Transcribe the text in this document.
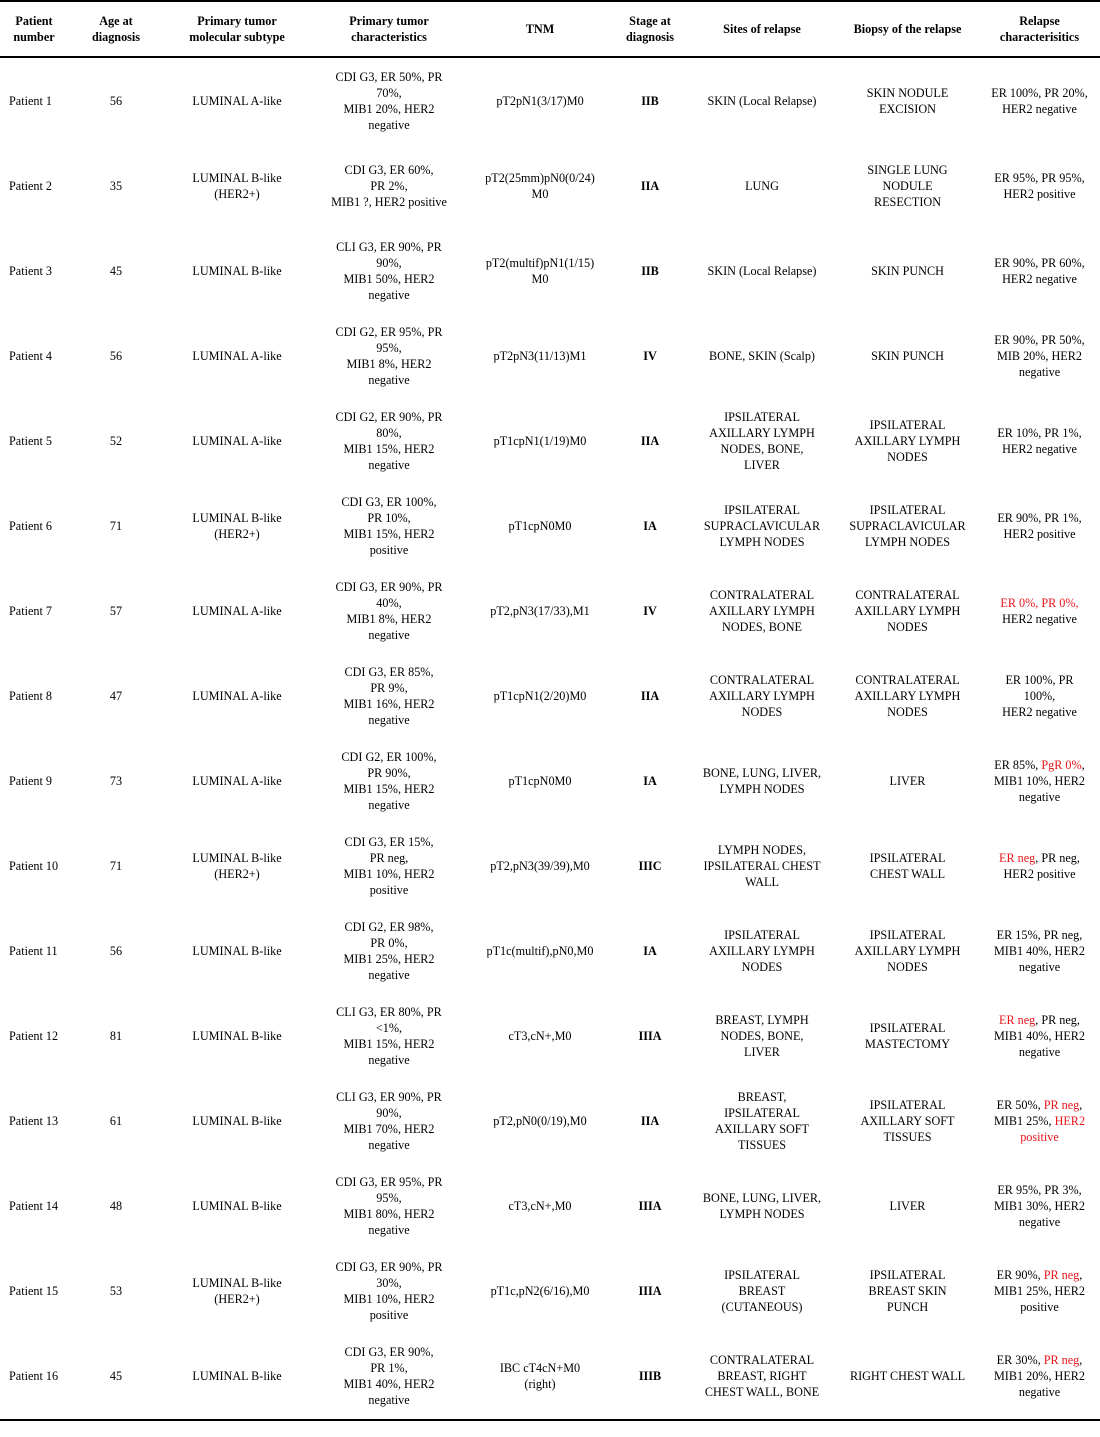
Patient
number	Age at
diagnosis	Primary tumor
molecular subtype	Primary tumor
characteristics	TNM	Stage at
diagnosis	Sites of relapse	Biopsy of the relapse	Relapse
characterisitics
Patient 1	56	LUMINAL A-like	CDI G3, ER 50%, PR
70%,
MIB1 20%, HER2
negative	pT2pN1(3/17)M0	IIB	SKIN (Local Relapse)	SKIN NODULE
EXCISION	ER 100%, PR 20%,
HER2 negative
Patient 2	35	LUMINAL B-like
(HER2+)	CDI G3, ER 60%,
PR 2%,
MIB1 ?, HER2 positive	pT2(25mm)pN0(0/24)
M0	IIA	LUNG	SINGLE LUNG
NODULE
RESECTION	ER 95%, PR 95%,
HER2 positive
Patient 3	45	LUMINAL B-like	CLI G3, ER 90%, PR
90%,
MIB1 50%, HER2
negative	pT2(multif)pN1(1/15)
M0	IIB	SKIN (Local Relapse)	SKIN PUNCH	ER 90%, PR 60%,
HER2 negative
Patient 4	56	LUMINAL A-like	CDI G2, ER 95%, PR
95%,
MIB1 8%, HER2
negative	pT2pN3(11/13)M1	IV	BONE, SKIN (Scalp)	SKIN PUNCH	ER 90%, PR 50%,
MIB 20%, HER2
negative
Patient 5	52	LUMINAL A-like	CDI G2, ER 90%, PR
80%,
MIB1 15%, HER2
negative	pT1cpN1(1/19)M0	IIA	IPSILATERAL
AXILLARY LYMPH
NODES, BONE,
LIVER	IPSILATERAL
AXILLARY LYMPH
NODES	ER 10%, PR 1%,
HER2 negative
Patient 6	71	LUMINAL B-like
(HER2+)	CDI G3, ER 100%,
PR 10%,
MIB1 15%, HER2
positive	pT1cpN0M0	IA	IPSILATERAL
SUPRACLAVICULAR
LYMPH NODES	IPSILATERAL
SUPRACLAVICULAR
LYMPH NODES	ER 90%, PR 1%,
HER2 positive
Patient 7	57	LUMINAL A-like	CDI G3, ER 90%, PR
40%,
MIB1 8%, HER2
negative	pT2,pN3(17/33),M1	IV	CONTRALATERAL
AXILLARY LYMPH
NODES, BONE	CONTRALATERAL
AXILLARY LYMPH
NODES	ER 0%, PR 0%,
HER2 negative
Patient 8	47	LUMINAL A-like	CDI G3, ER 85%,
PR 9%,
MIB1 16%, HER2
negative	pT1cpN1(2/20)M0	IIA	CONTRALATERAL
AXILLARY LYMPH
NODES	CONTRALATERAL
AXILLARY LYMPH
NODES	ER 100%, PR
100%,
HER2 negative
Patient 9	73	LUMINAL A-like	CDI G2, ER 100%,
PR 90%,
MIB1 15%, HER2
negative	pT1cpN0M0	IA	BONE, LUNG, LIVER,
LYMPH NODES	LIVER	ER 85%, PgR 0%,
MIB1 10%, HER2
negative
Patient 10	71	LUMINAL B-like
(HER2+)	CDI G3, ER 15%,
PR neg,
MIB1 10%, HER2
positive	pT2,pN3(39/39),M0	IIIC	LYMPH NODES,
IPSILATERAL CHEST
WALL	IPSILATERAL
CHEST WALL	ER neg, PR neg,
HER2 positive
Patient 11	56	LUMINAL B-like	CDI G2, ER 98%,
PR 0%,
MIB1 25%, HER2
negative	pT1c(multif),pN0,M0	IA	IPSILATERAL
AXILLARY LYMPH
NODES	IPSILATERAL
AXILLARY LYMPH
NODES	ER 15%, PR neg,
MIB1 40%, HER2
negative
Patient 12	81	LUMINAL B-like	CLI G3, ER 80%, PR
<1%,
MIB1 15%, HER2
negative	cT3,cN+,M0	IIIA	BREAST, LYMPH
NODES, BONE,
LIVER	IPSILATERAL
MASTECTOMY	ER neg, PR neg,
MIB1 40%, HER2
negative
Patient 13	61	LUMINAL B-like	CLI G3, ER 90%, PR
90%,
MIB1 70%, HER2
negative	pT2,pN0(0/19),M0	IIA	BREAST,
IPSILATERAL
AXILLARY SOFT
TISSUES	IPSILATERAL
AXILLARY SOFT
TISSUES	ER 50%, PR neg,
MIB1 25%, HER2
positive
Patient 14	48	LUMINAL B-like	CDI G3, ER 95%, PR
95%,
MIB1 80%, HER2
negative	cT3,cN+,M0	IIIA	BONE, LUNG, LIVER,
LYMPH NODES	LIVER	ER 95%, PR 3%,
MIB1 30%, HER2
negative
Patient 15	53	LUMINAL B-like
(HER2+)	CDI G3, ER 90%, PR
30%,
MIB1 10%, HER2
positive	pT1c,pN2(6/16),M0	IIIA	IPSILATERAL
BREAST
(CUTANEOUS)	IPSILATERAL
BREAST SKIN
PUNCH	ER 90%, PR neg,
MIB1 25%, HER2
positive
Patient 16	45	LUMINAL B-like	CDI G3, ER 90%,
PR 1%,
MIB1 40%, HER2
negative	IBC cT4cN+M0
(right)	IIIB	CONTRALATERAL
BREAST, RIGHT
CHEST WALL, BONE	RIGHT CHEST WALL	ER 30%, PR neg,
MIB1 20%, HER2
negative
